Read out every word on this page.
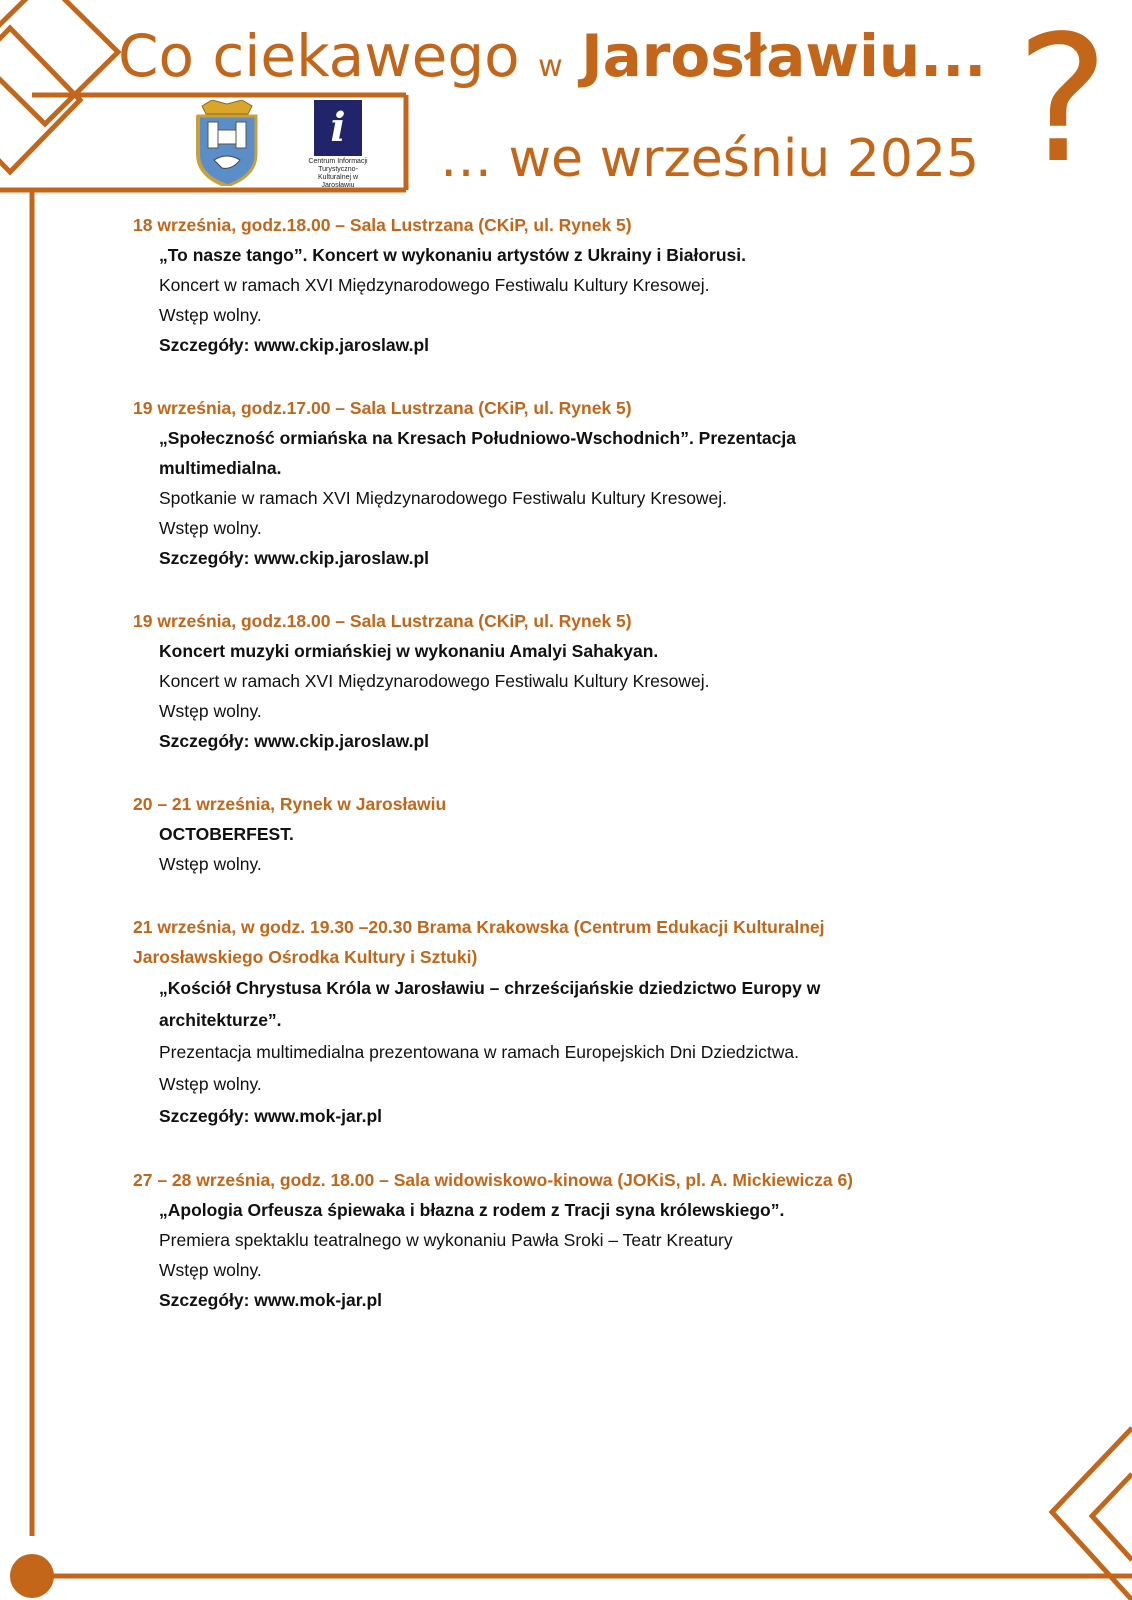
Co ciekawego w Jarosławiu...
… we wrześniu 2025 ?
i
Centrum Informacji Turystyczno-Kulturalnej w Jarosławiu
18 września, godz.18.00 – Sala Lustrzana (CKiP, ul. Rynek 5)
„To nasze tango”. Koncert w wykonaniu artystów z Ukrainy i Białorusi.
Koncert w ramach XVI Międzynarodowego Festiwalu Kultury Kresowej.
Wstęp wolny.
Szczegóły: www.ckip.jaroslaw.pl
19 września, godz.17.00 – Sala Lustrzana (CKiP, ul. Rynek 5)
„Społeczność ormiańska na Kresach Południowo-Wschodnich”. Prezentacja multimedialna.
Spotkanie w ramach XVI Międzynarodowego Festiwalu Kultury Kresowej.
Wstęp wolny.
Szczegóły: www.ckip.jaroslaw.pl
19 września, godz.18.00 – Sala Lustrzana (CKiP, ul. Rynek 5)
Koncert muzyki ormiańskiej w wykonaniu Amalyi Sahakyan.
Koncert w ramach XVI Międzynarodowego Festiwalu Kultury Kresowej.
Wstęp wolny.
Szczegóły: www.ckip.jaroslaw.pl
20 – 21 września, Rynek w Jarosławiu
OCTOBERFEST.
Wstęp wolny.
21 września, w godz. 19.30 –20.30 Brama Krakowska (Centrum Edukacji Kulturalnej Jarosławskiego Ośrodka Kultury i Sztuki)
„Kościół Chrystusa Króla w Jarosławiu – chrześcijańskie dziedzictwo Europy w architekturze”.
Prezentacja multimedialna prezentowana w ramach Europejskich Dni Dziedzictwa.
Wstęp wolny.
Szczegóły: www.mok-jar.pl
27 – 28 września, godz. 18.00 – Sala widowiskowo-kinowa (JOKiS, pl. A. Mickiewicza 6)
„Apologia Orfeusza śpiewaka i błazna z rodem z Tracji syna królewskiego”.
Premiera spektaklu teatralnego w wykonaniu Pawła Sroki – Teatr Kreatury
Wstęp wolny.
Szczegóły: www.mok-jar.pl
